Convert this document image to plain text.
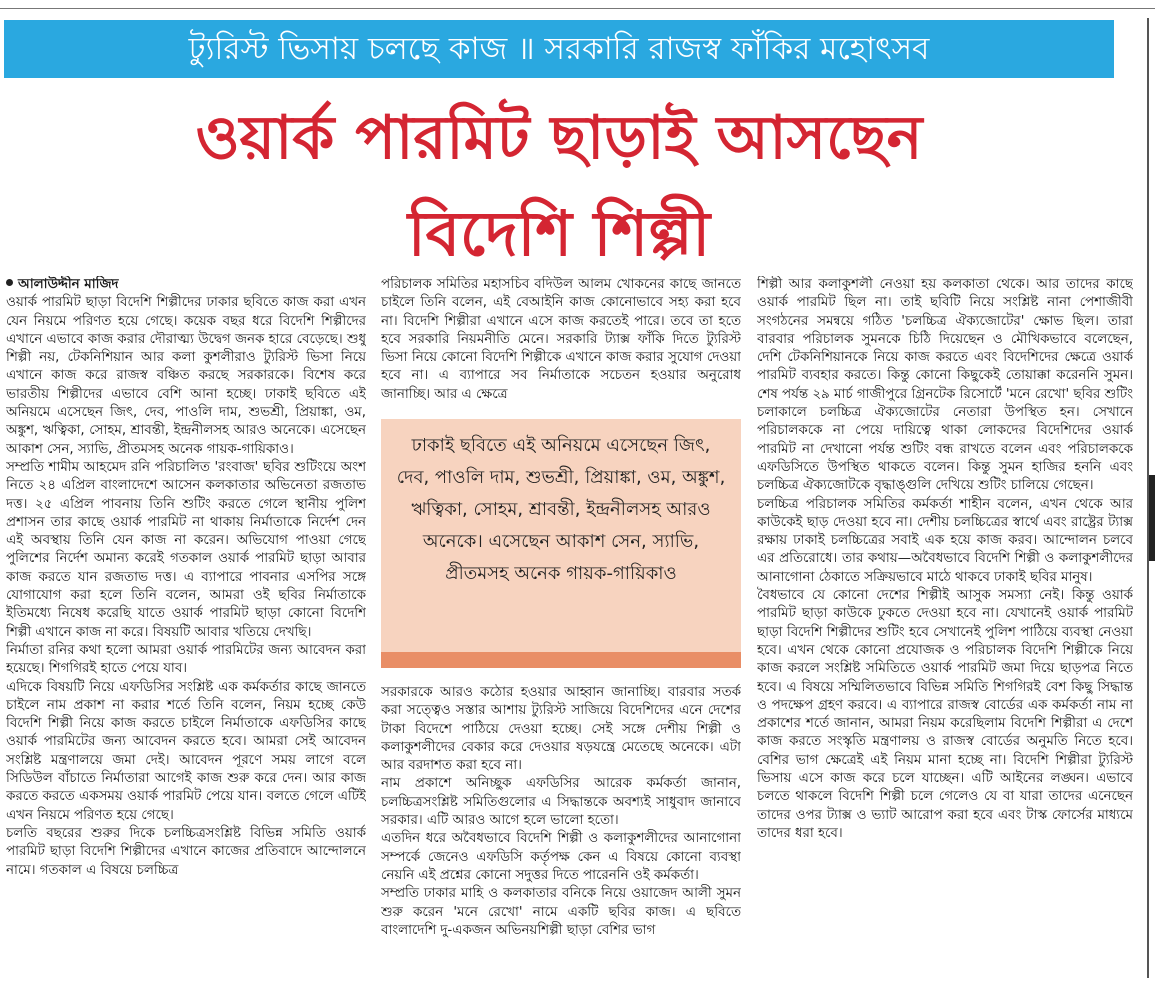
ট্যুরিস্ট ভিসায় চলছে কাজ ॥ সরকারি রাজস্ব ফাঁকির মহোৎসব
ওয়ার্ক পারমিট ছাড়াই আসছেন
বিদেশি শিল্পী

আলাউদ্দীন মাজিদ

ওয়ার্ক পারমিট ছাড়া বিদেশি শিল্পীদের ঢাকার ছবিতে কাজ করা এখন যেন নিয়মে পরিণত হয়ে গেছে। কয়েক বছর ধরে বিদেশি শিল্পীদের এখানে এভাবে কাজ করার দৌরাত্ম্য উদ্বেগ জনক হারে বেড়েছে। শুধু শিল্পী নয়, টেকনিশিয়ান আর কলা কুশলীরাও ট্যুরিস্ট ভিসা নিয়ে এখানে কাজ করে রাজস্ব বঞ্চিত করছে সরকারকে। বিশেষ করে ভারতীয় শিল্পীদের এভাবে বেশি আনা হচ্ছে। ঢাকাই ছবিতে এই অনিয়মে এসেছেন জিৎ, দেব, পাওলি দাম, শুভশ্রী, প্রিয়াঙ্কা, ওম, অঙ্কুশ, ঋত্বিকা, সোহম, শ্রাবন্তী, ইন্দ্রনীলসহ আরও অনেকে। এসেছেন আকাশ সেন, স্যাভি, প্রীতমসহ অনেক গায়ক-গায়িকাও।

সম্প্রতি শামীম আহমেদ রনি পরিচালিত 'রংবাজ' ছবির শুটিংয়ে অংশ নিতে ২৪ এপ্রিল বাংলাদেশে আসেন কলকাতার অভিনেতা রজতাভ দত্ত। ২৫ এপ্রিল পাবনায় তিনি শুটিং করতে গেলে স্থানীয় পুলিশ প্রশাসন তার কাছে ওয়ার্ক পারমিট না থাকায় নির্মাতাকে নির্দেশ দেন এই অবস্থায় তিনি যেন কাজ না করেন। অভিযোগ পাওয়া গেছে পুলিশের নির্দেশ অমান্য করেই গতকাল ওয়ার্ক পারমিট ছাড়া আবার কাজ করতে যান রজতাভ দত্ত। এ ব্যাপারে পাবনার এসপির সঙ্গে যোগাযোগ করা হলে তিনি বলেন, আমরা ওই ছবির নির্মাতাকে ইতিমধ্যে নিষেধ করেছি যাতে ওয়ার্ক পারমিট ছাড়া কোনো বিদেশি শিল্পী এখানে কাজ না করে। বিষয়টি আবার খতিয়ে দেখছি।

নির্মাতা রনির কথা হলো আমরা ওয়ার্ক পারমিটের জন্য আবেদন করা হয়েছে। শিগগিরই হাতে পেয়ে যাব।

এদিকে বিষয়টি নিয়ে এফডিসির সংশ্লিষ্ট এক কর্মকর্তার কাছে জানতে চাইলে নাম প্রকাশ না করার শর্তে তিনি বলেন, নিয়ম হচ্ছে কেউ বিদেশি শিল্পী নিয়ে কাজ করতে চাইলে নির্মাতাকে এফডিসির কাছে ওয়ার্ক পারমিটের জন্য আবেদন করতে হবে। আমরা সেই আবেদন সংশ্লিষ্ট মন্ত্রণালয়ে জমা দেই। আবেদন পূরণে সময় লাগে বলে সিডিউল বাঁচাতে নির্মাতারা আগেই কাজ শুরু করে দেন। আর কাজ করতে করতে একসময় ওয়ার্ক পারমিট পেয়ে যান। বলতে গেলে এটিই এখন নিয়মে পরিণত হয়ে গেছে।

চলতি বছরের শুরুর দিকে চলচ্চিত্রসংশ্লিষ্ট বিভিন্ন সমিতি ওয়ার্ক পারমিট ছাড়া বিদেশি শিল্পীদের এখানে কাজের প্রতিবাদে আন্দোলনে নামে। গতকাল এ বিষয়ে চলচ্চিত্র

পরিচালক সমিতির মহাসচিব বদিউল আলম খোকনের কাছে জানতে চাইলে তিনি বলেন, এই বেআইনি কাজ কোনোভাবে সহ্য করা হবে না। বিদেশি শিল্পীরা এখানে এসে কাজ করতেই পারে। তবে তা হতে হবে সরকারি নিয়মনীতি মেনে। সরকারি ট্যাক্স ফাঁকি দিতে ট্যুরিস্ট ভিসা নিয়ে কোনো বিদেশি শিল্পীকে এখানে কাজ করার সুযোগ দেওয়া হবে না। এ ব্যাপারে সব নির্মাতাকে সচেতন হওয়ার অনুরোধ জানাচ্ছি। আর এ ক্ষেত্রে

ঢাকাই ছবিতে এই অনিয়মে এসেছেন জিৎ, দেব, পাওলি দাম, শুভশ্রী, প্রিয়াঙ্কা, ওম, অঙ্কুশ, ঋত্বিকা, সোহম, শ্রাবন্তী, ইন্দ্রনীলসহ আরও অনেকে। এসেছেন আকাশ সেন, স্যাভি, প্রীতমসহ অনেক গায়ক-গায়িকাও

সরকারকে আরও কঠোর হওয়ার আহ্বান জানাচ্ছি। বারবার সতর্ক করা সত্ত্বেও সস্তার আশায় ট্যুরিস্ট সাজিয়ে বিদেশিদের এনে দেশের টাকা বিদেশে পাঠিয়ে দেওয়া হচ্ছে। সেই সঙ্গে দেশীয় শিল্পী ও কলাকুশলীদের বেকার করে দেওয়ার ষড়যন্ত্রে মেতেছে অনেকে। এটা আর বরদাশত করা হবে না।

নাম প্রকাশে অনিচ্ছুক এফডিসির আরেক কর্মকর্তা জানান, চলচ্চিত্রসংশ্লিষ্ট সমিতিগুলোর এ সিদ্ধান্তকে অবশ্যই সাধুবাদ জানাবে সরকার। এটি আরও আগে হলে ভালো হতো।

এতদিন ধরে অবৈধভাবে বিদেশি শিল্পী ও কলাকুশলীদের আনাগোনা সম্পর্কে জেনেও এফডিসি কর্তৃপক্ষ কেন এ বিষয়ে কোনো ব্যবস্থা নেয়নি এই প্রশ্নের কোনো সদুত্তর দিতে পারেননি ওই কর্মকর্তা।

সম্প্রতি ঢাকার মাহি ও কলকাতার বনিকে নিয়ে ওয়াজেদ আলী সুমন শুরু করেন 'মনে রেখো' নামে একটি ছবির কাজ। এ ছবিতে বাংলাদেশি দু-একজন অভিনয়শিল্পী ছাড়া বেশির ভাগ

শিল্পী আর কলাকুশলী নেওয়া হয় কলকাতা থেকে। আর তাদের কাছে ওয়ার্ক পারমিট ছিল না। তাই ছবিটি নিয়ে সংশ্লিষ্ট নানা পেশাজীবী সংগঠনের সমন্বয়ে গঠিত 'চলচ্চিত্র ঐক্যজোটের' ক্ষোভ ছিল। তারা বারবার পরিচালক সুমনকে চিঠি দিয়েছেন ও মৌখিকভাবে বলেছেন, দেশি টেকনিশিয়ানকে নিয়ে কাজ করতে এবং বিদেশিদের ক্ষেত্রে ওয়ার্ক পারমিট ব্যবহার করতে। কিন্তু কোনো কিছুকেই তোয়াক্কা করেননি সুমন। শেষ পর্যন্ত ২৯ মার্চ গাজীপুরে গ্রিনটেক রিসোর্টে 'মনে রেখো' ছবির শুটিং চলাকালে চলচ্চিত্র ঐক্যজোটের নেতারা উপস্থিত হন। সেখানে পরিচালককে না পেয়ে দায়িত্বে থাকা লোকদের বিদেশিদের ওয়ার্ক পারমিট না দেখানো পর্যন্ত শুটিং বন্ধ রাখতে বলেন এবং পরিচালককে এফডিসিতে উপস্থিত থাকতে বলেন। কিন্তু সুমন হাজির হননি এবং চলচ্চিত্র ঐক্যজোটকে বৃদ্ধাঙ্গুলি দেখিয়ে শুটিং চালিয়ে গেছেন।

চলচ্চিত্র পরিচালক সমিতির কর্মকর্তা শাহীন বলেন, এখন থেকে আর কাউকেই ছাড় দেওয়া হবে না। দেশীয় চলচ্চিত্রের স্বার্থে এবং রাষ্ট্রের ট্যাক্স রক্ষায় ঢাকাই চলচ্চিত্রের সবাই এক হয়ে কাজ করব। আন্দোলন চলবে এর প্রতিরোধে। তার কথায়—অবৈধভাবে বিদেশি শিল্পী ও কলাকুশলীদের আনাগোনা ঠেকাতে সক্রিয়ভাবে মাঠে থাকবে ঢাকাই ছবির মানুষ।

বৈধভাবে যে কোনো দেশের শিল্পীই আসুক সমস্যা নেই। কিন্তু ওয়ার্ক পারমিট ছাড়া কাউকে ঢুকতে দেওয়া হবে না। যেখানেই ওয়ার্ক পারমিট ছাড়া বিদেশি শিল্পীদের শুটিং হবে সেখানেই পুলিশ পাঠিয়ে ব্যবস্থা নেওয়া হবে। এখন থেকে কোনো প্রযোজক ও পরিচালক বিদেশি শিল্পীকে নিয়ে কাজ করলে সংশ্লিষ্ট সমিতিতে ওয়ার্ক পারমিট জমা দিয়ে ছাড়পত্র নিতে হবে। এ বিষয়ে সম্মিলিতভাবে বিভিন্ন সমিতি শিগগিরই বেশ কিছু সিদ্ধান্ত ও পদক্ষেপ গ্রহণ করবে। এ ব্যাপারে রাজস্ব বোর্ডের এক কর্মকর্তা নাম না প্রকাশের শর্তে জানান, আমরা নিয়ম করেছিলাম বিদেশি শিল্পীরা এ দেশে কাজ করতে সংস্কৃতি মন্ত্রণালয় ও রাজস্ব বোর্ডের অনুমতি নিতে হবে। বেশির ভাগ ক্ষেত্রেই এই নিয়ম মানা হচ্ছে না। বিদেশি শিল্পীরা ট্যুরিস্ট ভিসায় এসে কাজ করে চলে যাচ্ছেন। এটি আইনের লঙ্ঘন। এভাবে চলতে থাকলে বিদেশি শিল্পী চলে গেলেও যে বা যারা তাদের এনেছেন তাদের ওপর ট্যাক্স ও ভ্যাট আরোপ করা হবে এবং টাস্ক ফোর্সের মাধ্যমে তাদের ধরা হবে।
